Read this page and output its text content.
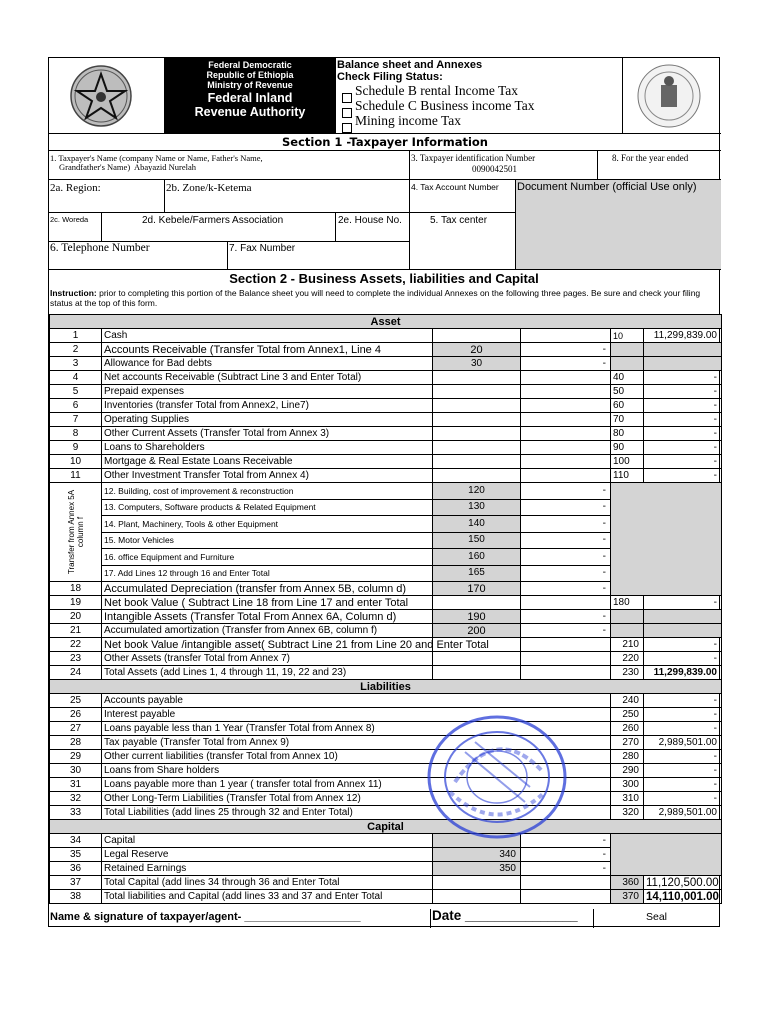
Federal Democratic
Republic of Ethiopia
Ministry of Revenue
Federal Inland
Revenue Authority
Balance sheet and Annexes
Check Filing Status:
Schedule B rental Income Tax
Schedule C Business income Tax
Mining income Tax
Section 1 -Taxpayer Information
1. Taxpayer's Name (company Name or Name, Father's Name,
Grandfather's Name) Abayazid Nurelah
3. Taxpayer identification Number
0090042501
8. For the year ended
2a. Region:	2b. Zone/k-Ketema	4. Tax Account Number Document Number (official Use only)
2c. Woreda	2d. Kebele/Farmers Association	2e. House No.	5. Tax center
6. Telephone Number	7. Fax Number
Section 2 - Business Assets, liabilities and Capital
Instruction: prior to completing this portion of the Balance sheet you will need to complete the individual Annexes on the following three pages. Be sure and check your filing status at the top of this form.
Asset					
1	Cash			10	11,299,839.00
2	Accounts Receivable (Transfer Total from Annex1, Line 4	20	-		
3	Allowance for Bad debts	30	-		
4	Net accounts Receivable (Subtract Line 3 and Enter Total)			40	-
5	Prepaid expenses			50	-
6	Inventories (transfer Total from Annex2, Line7)			60	-
7	Operating Supplies			70	-
8	Other Current Assets (Transfer Total from Annex 3)			80	-
9	Loans to Shareholders			90	-
10	Mortgage & Real Estate Loans Receivable			100	-
11	Other Investment Transfer Total from Annex 4)			110	-

Transfer from Annex 5A column f	12. Building, cost of improvement & reconstruction	120	-		
	13. Computers, Software products & Related Equipment	130	-		
	14. Plant, Machinery, Tools & other Equipment	140	-		
	15. Motor Vehicles	150	-		
	16. office Equipment and Furniture	160	-		
	17. Add Lines 12 through 16 and Enter Total	165	-		
18	Accumulated Depreciation (transfer from Annex 5B, column d)	170	-		
19	Net book Value ( Subtract Line 18 from Line 17 and enter Total			180	-
20	Intangible Assets (Transfer Total From Annex 6A, Column d)	190	-		
21	Accumulated amortization (Transfer from Annex 6B, column f)	200	-		
22	Net book Value /intangible asset( Subtract Line 21 from Line 20 and Enter Total			210	-
23	Other Assets (transfer Total from Annex 7)			220	-
24	Total Assets (add Lines 1, 4 through 11, 19, 22 and 23)			230	11,299,839.00
Liabilities					
25	Accounts payable			240	-
26	Interest payable			250	-
27	Loans payable less than 1 Year (Transfer Total from Annex 8)			260	-
28	Tax payable (Transfer Total from Annex 9)			270	2,989,501.00
29	Other current liabilities (transfer Total from Annex 10)			280	-
30	Loans from Share holders			290	-
31	Loans payable more than 1 year ( transfer total from Annex 11)			300	-
32	Other Long-Term Liabilities (Transfer Total from Annex 12)			310	-
33	Total Liabilities (add lines 25 through 32 and Enter Total)			320	2,989,501.00
Capital					
34	Capital		-		
35	Legal Reserve	340	-		
36	Retained Earnings	350	-		
37	Total Capital (add lines 34 through 36 and Enter Total			360	11,120,500.00
38	Total liabilities and Capital (add lines 33 and 37 and Enter Total			370	14,110,001.00
Name & signature of taxpayer/agent- ___________________	Date _______________	Seal
